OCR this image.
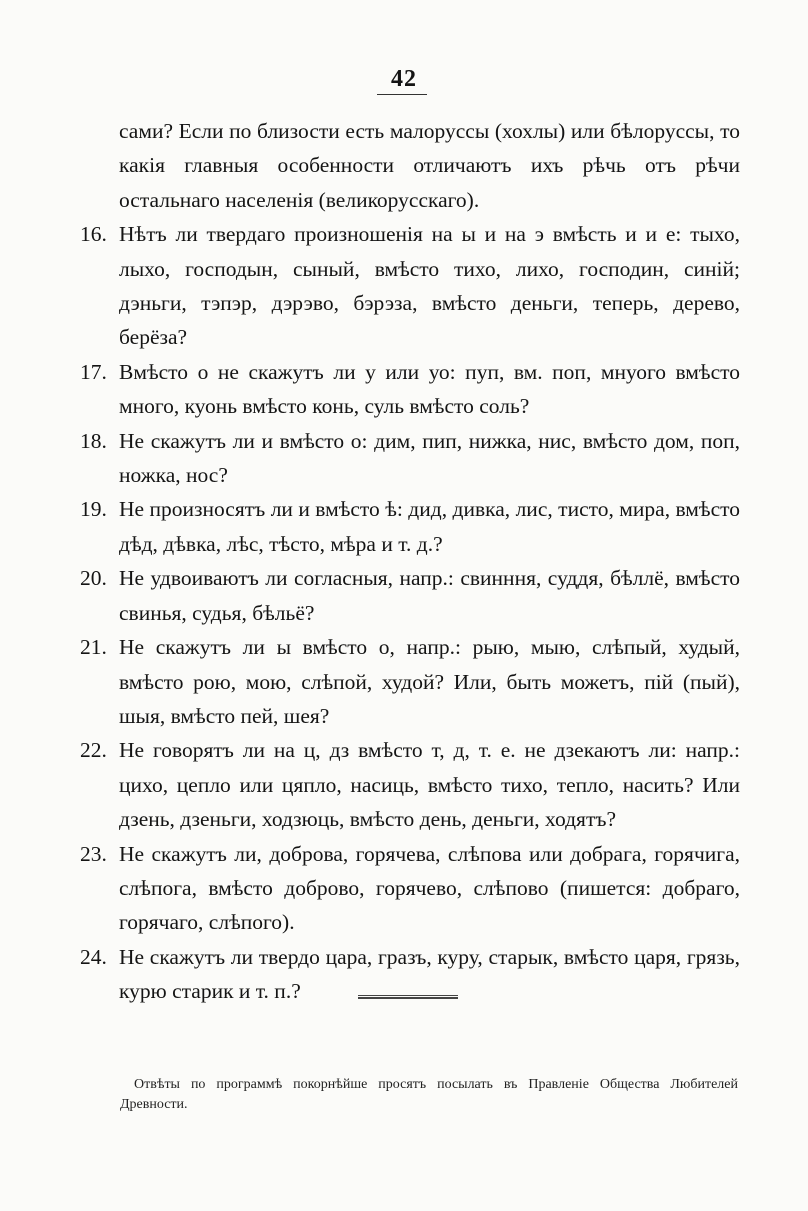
42
сами? Если по близости есть малоруссы (хохлы) или бѣлоруссы, то какія главныя особенности отличаютъ ихъ рѣчь отъ рѣчи остальнаго населенія (великорусскаго).
16. Нѣтъ ли твердаго произношенія на ы и на э вмѣсть и и е: тыхо, лыхо, господын, сыный, вмѣсто тихо, лихо, господин, синій; дэньги, тэпэр, дэрэво, бэрэза, вмѣсто деньги, теперь, дерево, берёза?
17. Вмѣсто о не скажутъ ли у или уо: пуп, вм. поп, мнуого вмѣсто много, куонь вмѣсто конь, суль вмѣсто соль?
18. Не скажутъ ли и вмѣсто о: дим, пип, нижка, нис, вмѣсто дом, поп, ножка, нос?
19. Не произносятъ ли и вмѣсто ѣ: дид, дивка, лис, тисто, мира, вмѣсто дѣд, дѣвка, лѣс, тѣсто, мѣра и т. д.?
20. Не удвоиваютъ ли согласныя, напр.: свинння, суддя, бѣллё, вмѣсто свинья, судья, бѣльё?
21. Не скажутъ ли ы вмѣсто о, напр.: рыю, мыю, слѣпый, худый, вмѣсто рою, мою, слѣпой, худой? Или, быть можетъ, пій (пый), шыя, вмѣсто пей, шея?
22. Не говорятъ ли на ц, дз вмѣсто т, д, т. е. не дзекаютъ ли: напр.: цихо, цепло или цяпло, насиць, вмѣсто тихо, тепло, насить? Или дзень, дзеньги, ходзюць, вмѣсто день, деньги, ходятъ?
23. Не скажутъ ли, доброва, горячева, слѣпова или добрага, горячига, слѣпога, вмѣсто доброво, горячево, слѣпово (пишется: добраго, горячаго, слѣпого).
24. Не скажутъ ли твердо цара, гразъ, куру, старык, вмѣсто царя, грязь, курю старик и т. п.?
Отвѣты по программѣ покорнѣйше просятъ посылать въ Правленіе Общества Любителей Древности.
